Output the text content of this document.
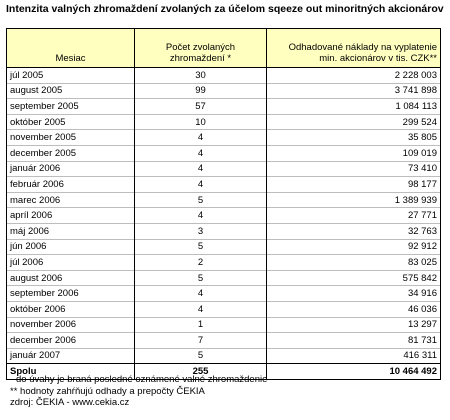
Intenzita valných zhromaždení zvolaných za účelom sqeeze out minoritných akcionárov
Mesiac	Počet zvolaných zhromaždení *	Odhadované náklady na vyplatenie min. akcionárov v tis. CZK**
júl 2005	30	2 228 003
august 2005	99	3 741 898
september 2005	57	1 084 113
október 2005	10	299 524
november 2005	4	35 805
december 2005	4	109 019
január 2006	4	73 410
február 2006	4	98 177
marec 2006	5	1 389 939
apríl 2006	4	27 771
máj 2006	3	32 763
jún 2006	5	92 912
júl 2006	2	83 025
august 2006	5	575 842
september 2006	4	34 916
október 2006	4	46 036
november 2006	1	13 297
december 2006	7	81 731
január 2007	5	416 311
Spolu	255	10 464 492
do úvahy je braná posledné oznámené valné zhromaždenie
** hodnoty zahŕňujú odhady a prepočty ČEKIA
zdroj: ČEKIA - www.cekia.cz
